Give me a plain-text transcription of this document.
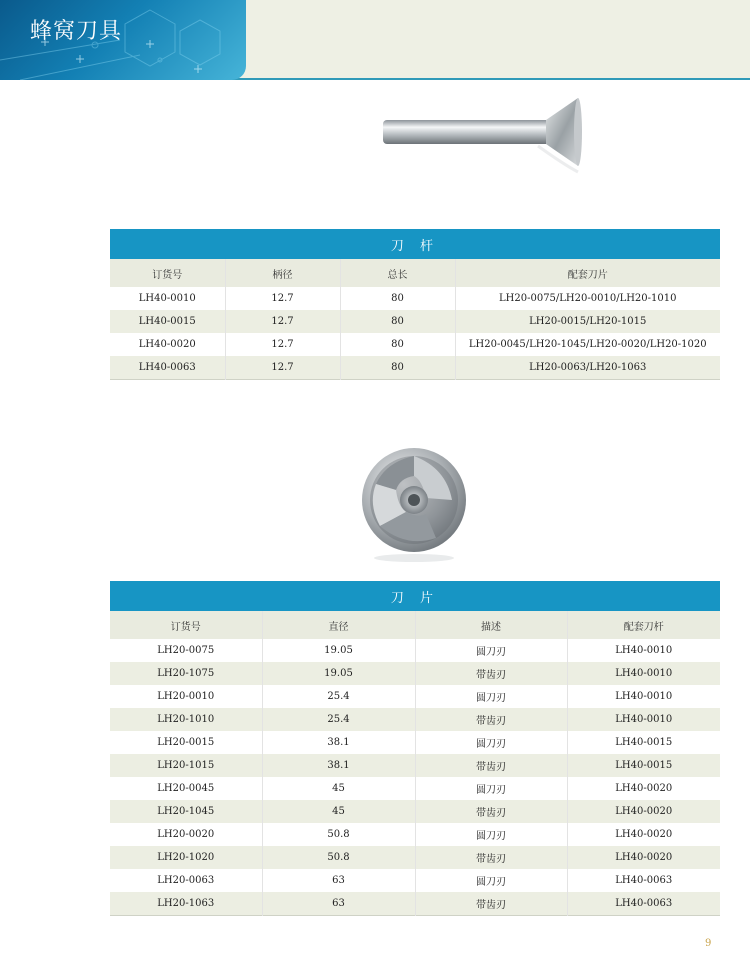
蜂窝刀具
刀 杆			
订货号	柄径	总长	配套刀片
LH40-0010	12.7	80	LH20-0075/LH20-0010/LH20-1010
LH40-0015	12.7	80	LH20-0015/LH20-1015
LH40-0020	12.7	80	LH20-0045/LH20-1045/LH20-0020/LH20-1020
LH40-0063	12.7	80	LH20-0063/LH20-1063
刀 片			
订货号	直径	描述	配套刀杆
LH20-0075	19.05	圆刀刃	LH40-0010
LH20-1075	19.05	带齿刃	LH40-0010
LH20-0010	25.4	圆刀刃	LH40-0010
LH20-1010	25.4	带齿刃	LH40-0010
LH20-0015	38.1	圆刀刃	LH40-0015
LH20-1015	38.1	带齿刃	LH40-0015
LH20-0045	45	圆刀刃	LH40-0020
LH20-1045	45	带齿刃	LH40-0020
LH20-0020	50.8	圆刀刃	LH40-0020
LH20-1020	50.8	带齿刃	LH40-0020
LH20-0063	63	圆刀刃	LH40-0063
LH20-1063	63	带齿刃	LH40-0063
9
